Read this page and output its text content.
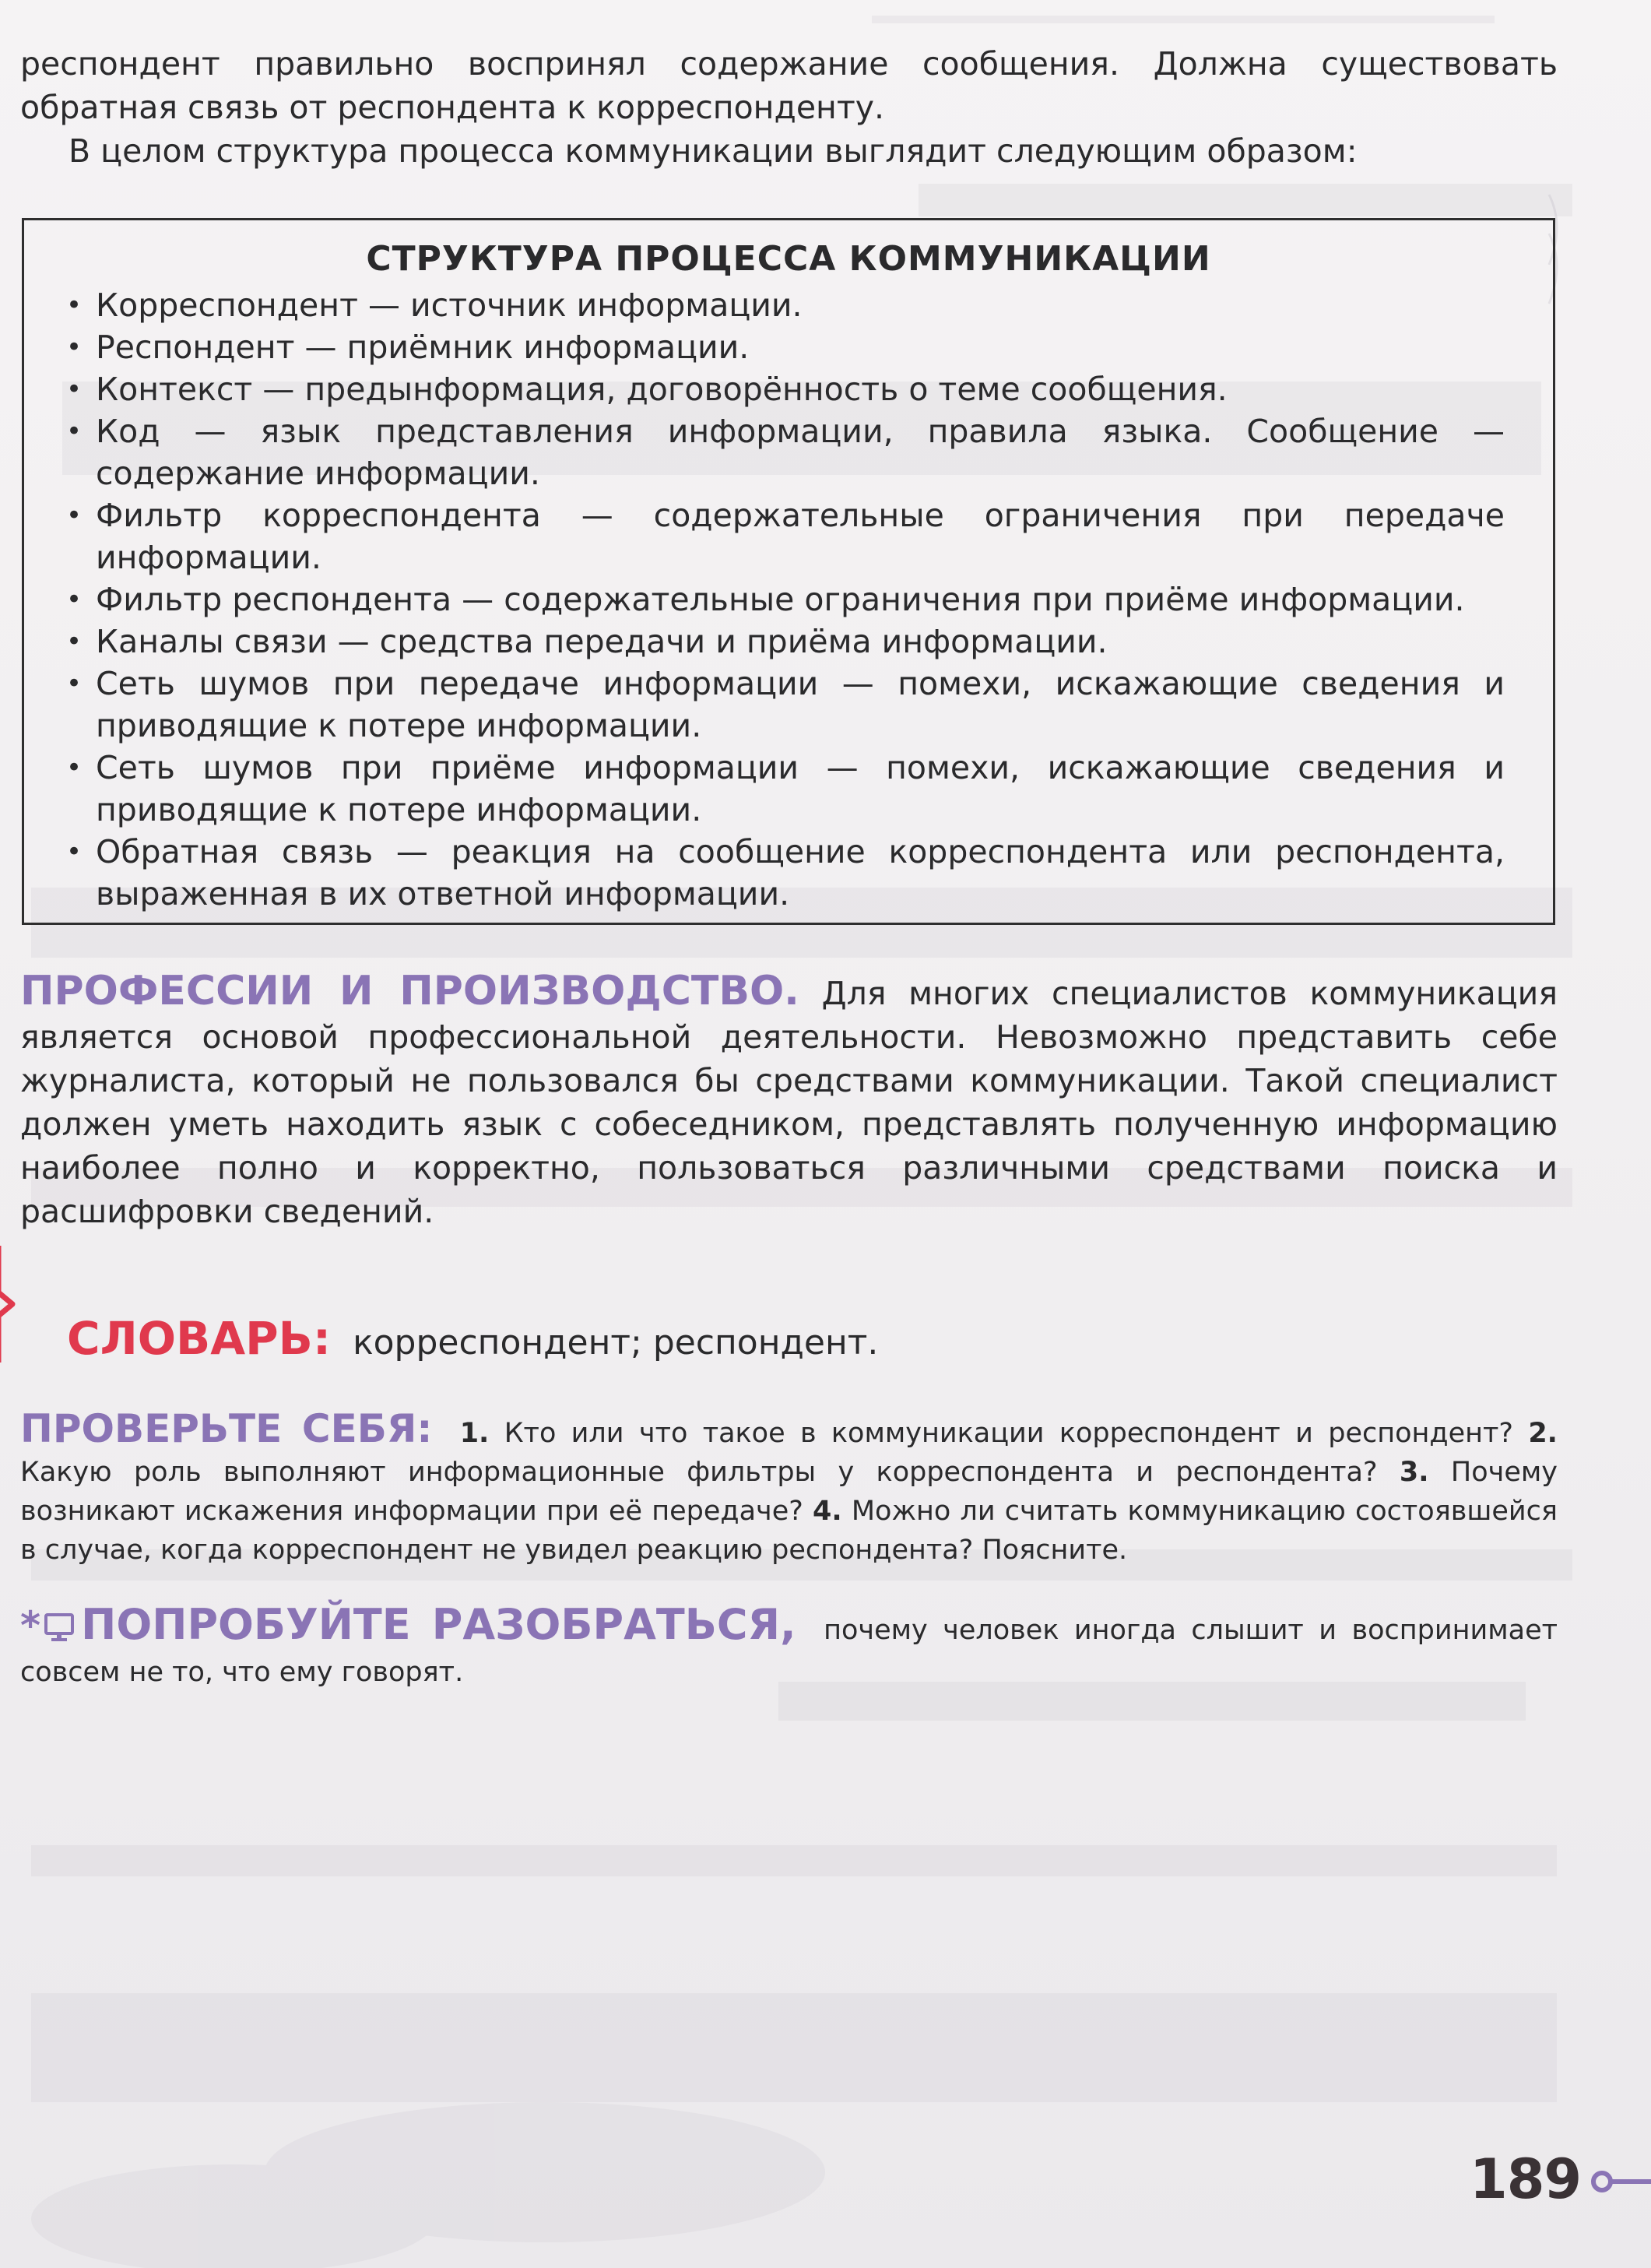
респондент правильно воспринял содержание сообщения. Должна существовать обратная связь от респондента к корреспонденту.

В целом структура процесса коммуникации выглядит следующим образом:

СТРУКТУРА ПРОЦЕССА КОММУНИКАЦИИ
• Корреспондент — источник информации.
• Респондент — приёмник информации.
• Контекст — предынформация, договорённость о теме сообщения.
• Код — язык представления информации, правила языка. Сообщение — содержание информации.
• Фильтр корреспондента — содержательные ограничения при передаче информации.
• Фильтр респондента — содержательные ограничения при приёме информации.
• Каналы связи — средства передачи и приёма информации.
• Сеть шумов при передаче информации — помехи, искажающие сведения и приводящие к потере информации.
• Сеть шумов при приёме информации — помехи, искажающие сведения и приводящие к потере информации.
• Обратная связь — реакция на сообщение корреспондента или респондента, выраженная в их ответной информации.

ПРОФЕССИИ И ПРОИЗВОДСТВО. Для многих специалистов коммуникация является основой профессиональной деятельности. Невозможно представить себе журналиста, который не пользовался бы средствами коммуникации. Такой специалист должен уметь находить язык с собеседником, представлять полученную информацию наиболее полно и корректно, пользоваться различными средствами поиска и расшифровки сведений.

СЛОВАРЬ: корреспондент; респондент.

ПРОВЕРЬТЕ СЕБЯ: 1. Кто или что такое в коммуникации корреспондент и респондент? 2. Какую роль выполняют информационные фильтры у корреспондента и респондента? 3. Почему возникают искажения информации при её передаче? 4. Можно ли считать коммуникацию состоявшейся в случае, когда корреспондент не увидел реакцию респондента? Поясните.

* ПОПРОБУЙТЕ РАЗОБРАТЬСЯ, почему человек иногда слышит и воспринимает совсем не то, что ему говорят.

189
